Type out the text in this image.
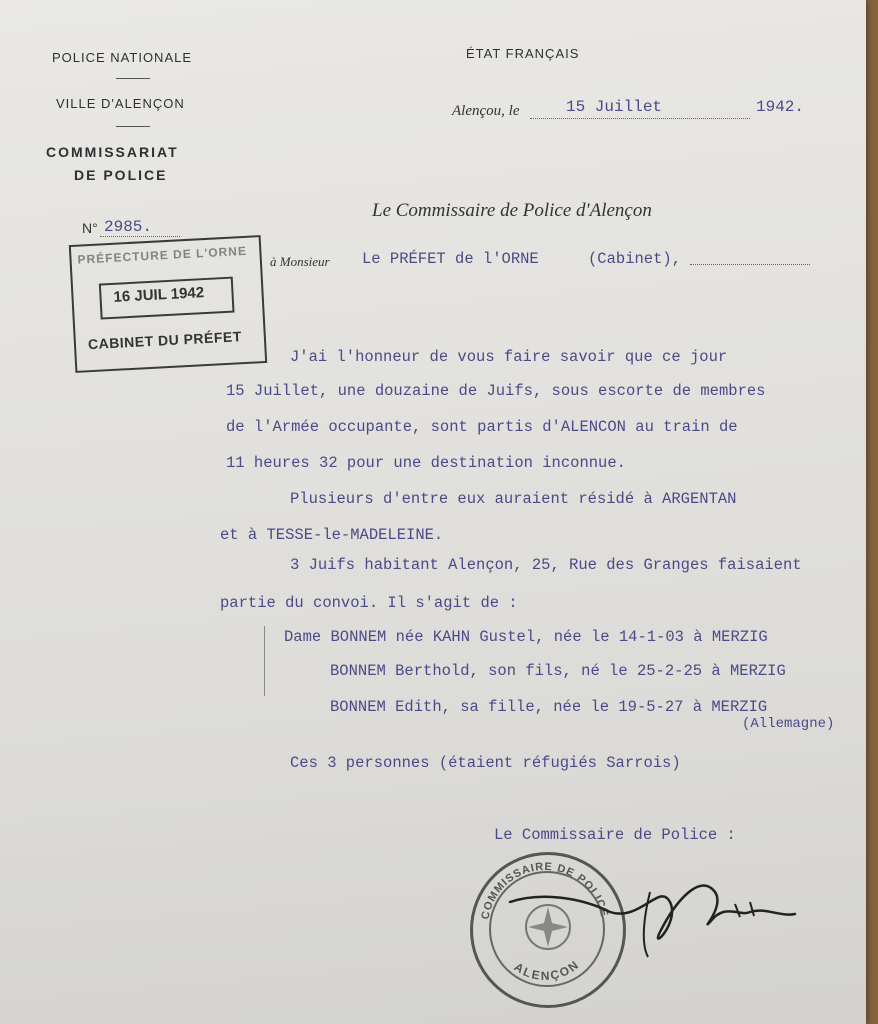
POLICE NATIONALE
VILLE D'ALENÇON
COMMISSARIAT
DE POLICE
N° 2985.
ÉTAT FRANÇAIS
Alençou, le	15 Juillet	1942.
PRÉFECTURE DE L'ORNE
16 JUIL 1942
CABINET DU PRÉFET
Le Commissaire de Police d'Alençon
à Monsieur Le PRÉFET de l'ORNE	(Cabinet),
J'ai l'honneur de vous faire savoir que ce jour
15 Juillet, une douzaine de Juifs, sous escorte de membres
de l'Armée occupante, sont partis d'ALENCON au train de
11 heures 32 pour une destination inconnue.
Plusieurs d'entre eux auraient résidé à ARGENTAN
et à TESSE-le-MADELEINE.
3 Juifs habitant Alençon, 25, Rue des Granges faisaient
partie du convoi. Il s'agit de :
Dame BONNEM née KAHN Gustel, née le 14-1-03 à MERZIG
BONNEM Berthold, son fils, né le 25-2-25 à MERZIG
BONNEM Edith, sa fille, née le 19-5-27 à MERZIG
(Allemagne)
Ces 3 personnes (étaient réfugiés Sarrois)
Le Commissaire de Police :
COMMISSAIRE DE POLICE
ALENÇON
